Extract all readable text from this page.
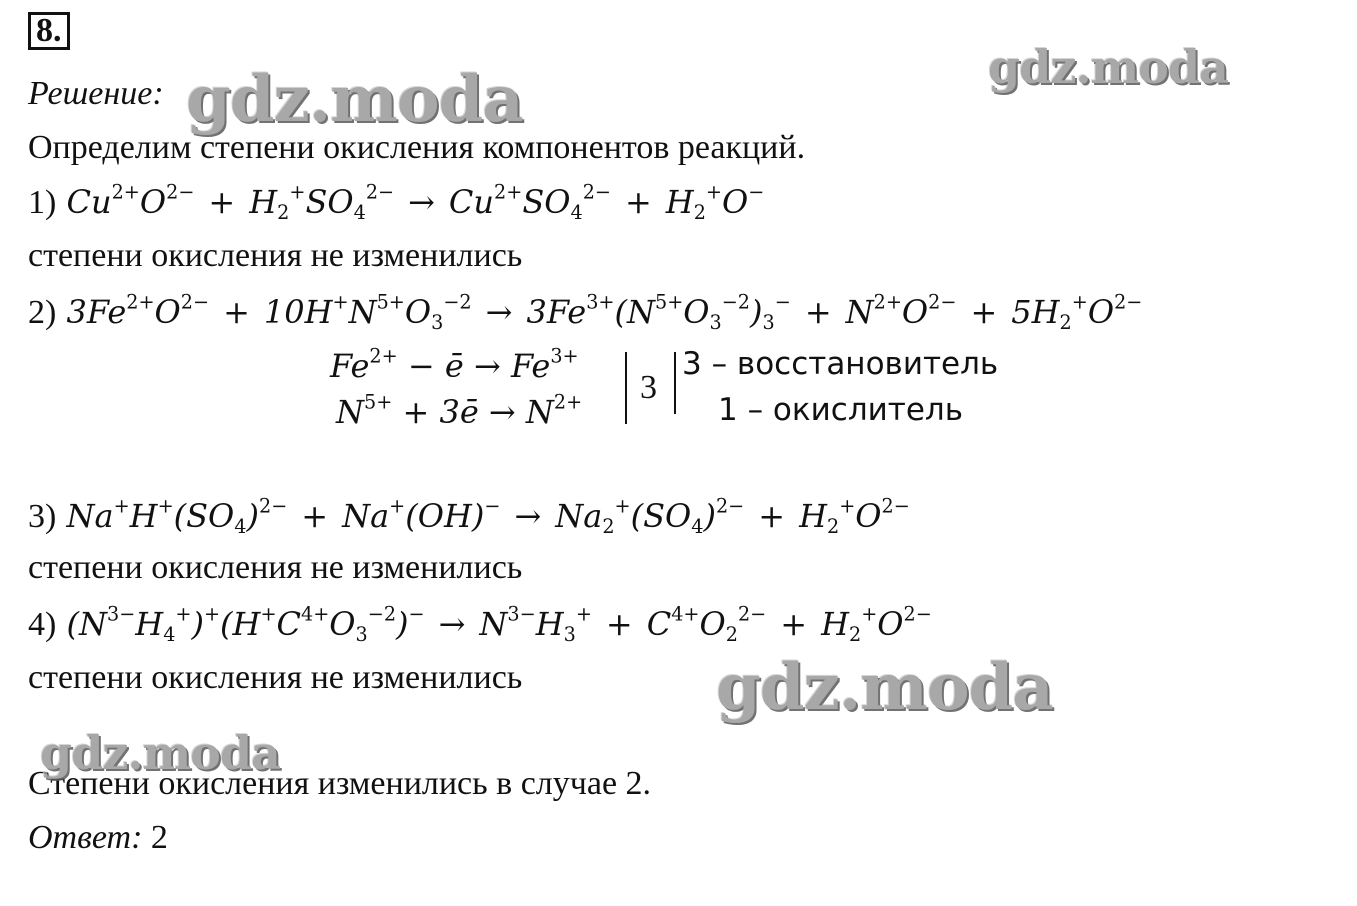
8.
Решение:
Определим степени окисления компонентов реакций.
1) $Cu^{2+}O^{2-} + H_2^+SO_4^{2-} \to Cu^{2+}SO_4^{2-} + H_2^+O^-$
степени окисления не изменились
2) $3Fe^{2+}O^{2-} + 10H^+N^{5+}O_3^{-2} \to 3Fe^{3+}(N^{5+}O_3^{-2})_3^- + N^{2+}O^{2-} + 5H_2^+O^{2-}$
$Fe^{2+}$ − ē → $Fe^{3+}$
$N^{5+}$ + 3ē → $N^{2+}$ 3
3 – восстановитель
1 – окислитель
3) $Na^+H^+(SO_4)^{2-} + Na^+(OH)^- \to Na_2^+(SO_4)^{2-} + H_2^+O^{2-}$
степени окисления не изменились
4) $(N^{3-}H_4^+)^+(H^+C^{4+}O_3^{-2})^- \to N^{3-}H_3^+ + C^{4+}O_2^{2-} + H_2^+O^{2-}$
степени окисления не изменились
Степени окисления изменились в случае 2.
Ответ: 2
gdz.moda	gdz.moda
gdz.moda
gdz.moda
